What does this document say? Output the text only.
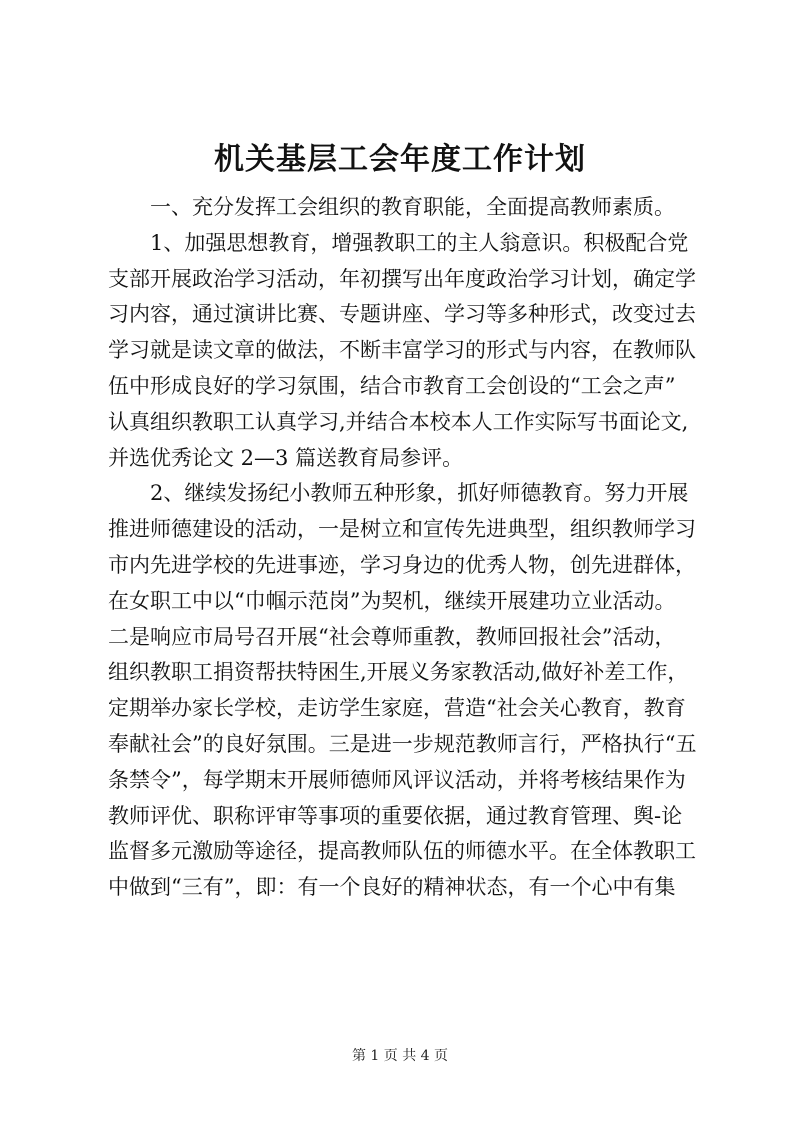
机关基层工会年度工作计划
一、充分发挥工会组织的教育职能，全面提高教师素质。
1、加强思想教育，增强教职工的主人翁意识。积极配合党
支部开展政治学习活动，年初撰写出年度政治学习计划，确定学
习内容，通过演讲比赛、专题讲座、学习等多种形式，改变过去
学习就是读文章的做法，不断丰富学习的形式与内容，在教师队
伍中形成良好的学习氛围，结合市教育工会创设的“工会之声”
认真组织教职工认真学习,并结合本校本人工作实际写书面论文,
并选优秀论文 2—3 篇送教育局参评。
2、继续发扬纪小教师五种形象，抓好师德教育。努力开展
推进师德建设的活动，一是树立和宣传先进典型，组织教师学习
市内先进学校的先进事迹，学习身边的优秀人物，创先进群体，
在女职工中以“巾帼示范岗”为契机，继续开展建功立业活动。
二是响应市局号召开展“社会尊师重教，教师回报社会”活动，
组织教职工捐资帮扶特困生,开展义务家教活动,做好补差工作，
定期举办家长学校，走访学生家庭，营造“社会关心教育，教育
奉献社会”的良好氛围。三是进一步规范教师言行，严格执行“五
条禁令”，每学期末开展师德师风评议活动，并将考核结果作为
教师评优、职称评审等事项的重要依据，通过教育管理、舆-论
监督多元激励等途径，提高教师队伍的师德水平。在全体教职工
中做到“三有”，即：有一个良好的精神状态，有一个心中有集
第 1 页 共 4 页
